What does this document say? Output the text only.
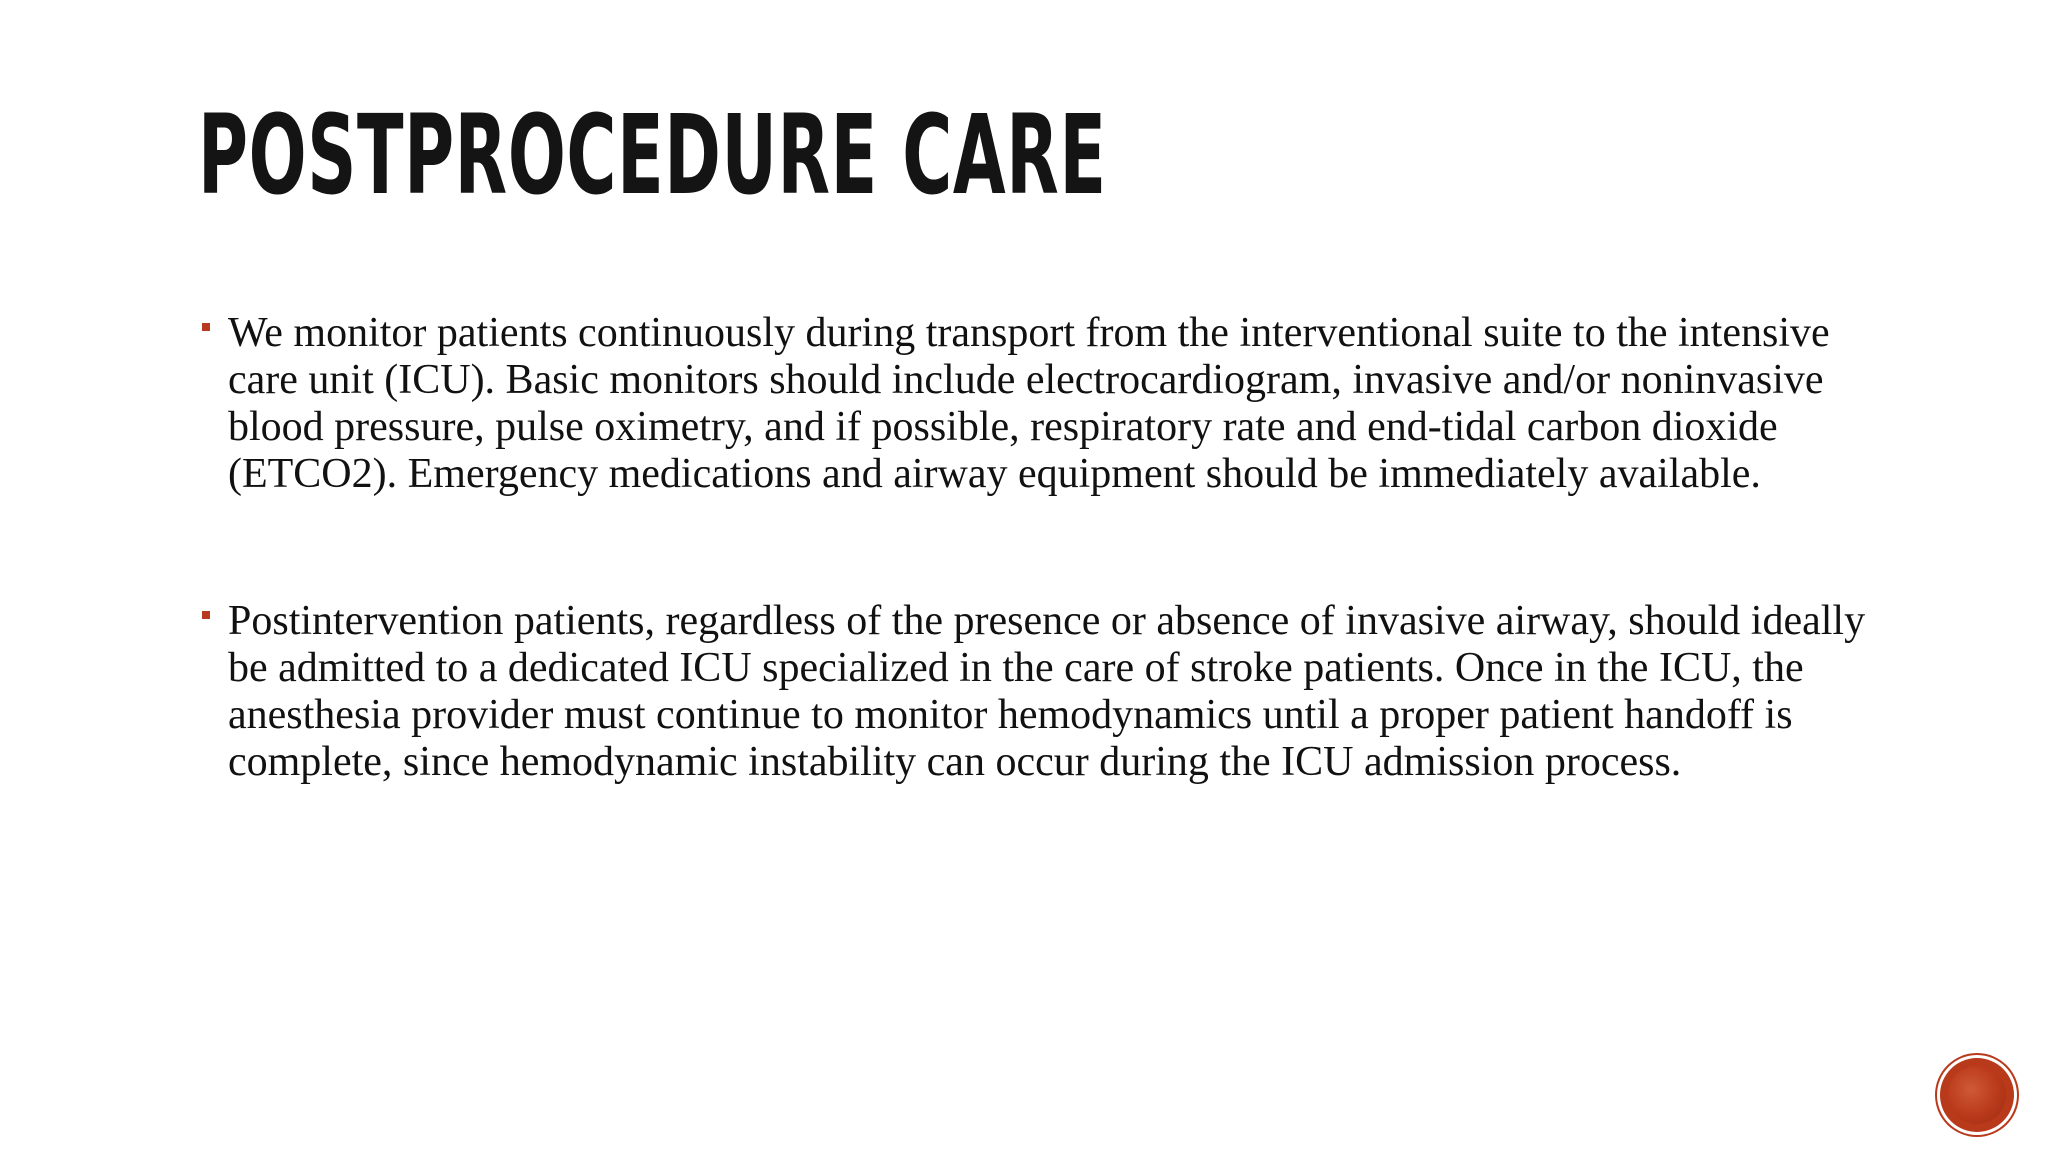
POSTPROCEDURE CARE
We monitor patients continuously during transport from the interventional suite to the intensive care unit (ICU). Basic monitors should include electrocardiogram, invasive and/or noninvasive blood pressure, pulse oximetry, and if possible, respiratory rate and end-tidal carbon dioxide (ETCO2). Emergency medications and airway equipment should be immediately available.
Postintervention patients, regardless of the presence or absence of invasive airway, should ideally be admitted to a dedicated ICU specialized in the care of stroke patients. Once in the ICU, the anesthesia provider must continue to monitor hemodynamics until a proper patient handoff is complete, since hemodynamic instability can occur during the ICU admission process.
